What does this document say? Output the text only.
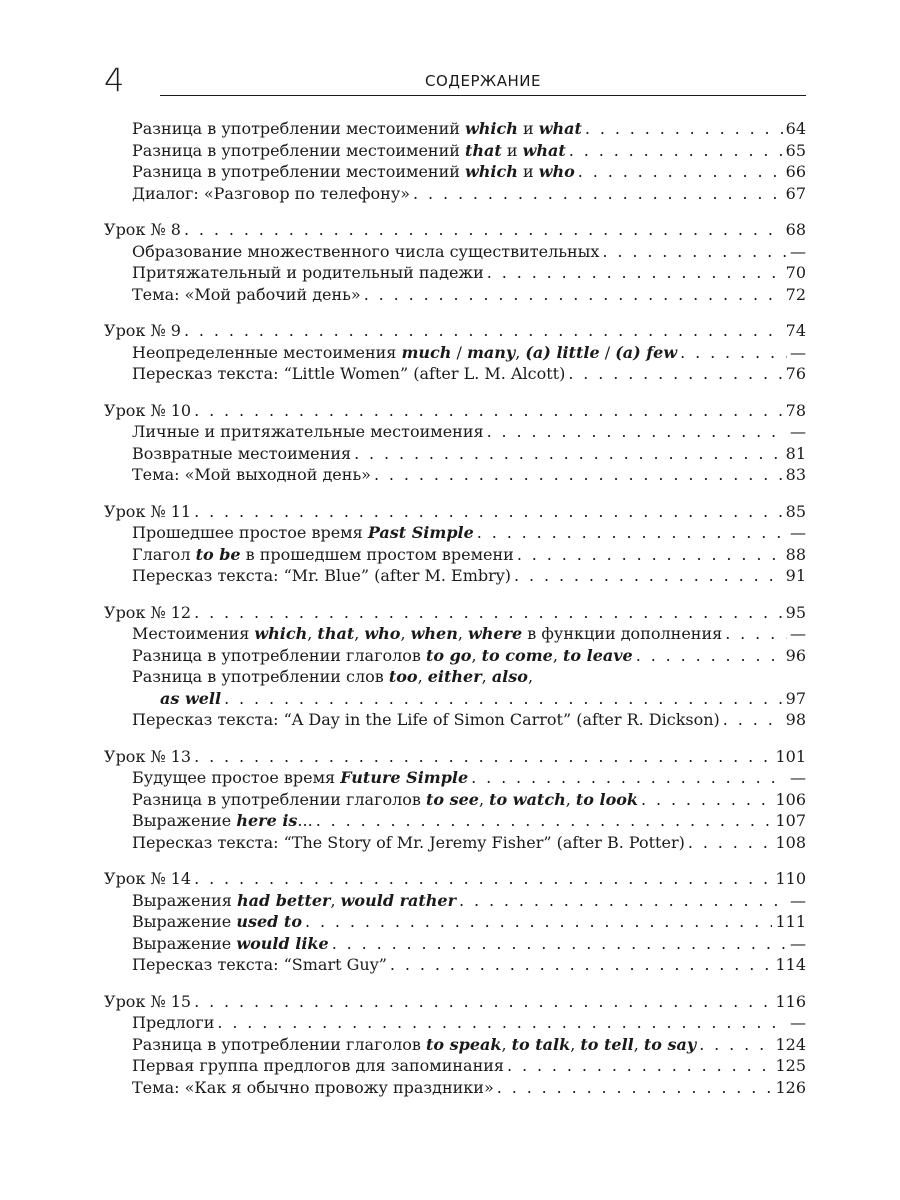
4	СОДЕРЖАНИЕ
Разница в употреблении местоимений which и what . . .	64
Разница в употреблении местоимений that и what . . .	65
Разница в употреблении местоимений which и who . . .	66
Диалог: «Разговор по телефону» . . .	67
Урок № 8 . . .	68
Образование множественного числа существительных . . .	—
Притяжательный и родительный падежи . . .	70
Тема: «Мой рабочий день» . . .	72
Урок № 9 . . .	74
Неопределенные местоимения much / many, (a) little / (a) few . . .	—
Пересказ текста: “Little Women” (after L. M. Alcott) . . .	76
Урок № 10 . . .	78
Личные и притяжательные местоимения . . .	—
Возвратные местоимения . . .	81
Тема: «Мой выходной день» . . .	83
Урок № 11 . . .	85
Прошедшее простое время Past Simple . . .	—
Глагол to be в прошедшем простом времени . . .	88
Пересказ текста: “Mr. Blue” (after M. Embry) . . .	91
Урок № 12 . . .	95
Местоимения which, that, who, when, where в функции дополнения . . .	—
Разница в употреблении глаголов to go, to come, to leave . . .	96
Разница в употреблении слов too, either, also,
as well . . .	97
Пересказ текста: “A Day in the Life of Simon Carrot” (after R. Dickson) . . .	98
Урок № 13 . . .	101
Будущее простое время Future Simple . . .	—
Разница в употреблении глаголов to see, to watch, to look . . .	106
Выражение here is... . . .	107
Пересказ текста: “The Story of Mr. Jeremy Fisher” (after B. Potter) . . .	108
Урок № 14 . . .	110
Выражения had better, would rather . . .	—
Выражение used to . . .	111
Выражение would like . . .	—
Пересказ текста: “Smart Guy” . . .	114
Урок № 15 . . .	116
Предлоги . . .	—
Разница в употреблении глаголов to speak, to talk, to tell, to say . . .	124
Первая группа предлогов для запоминания . . .	125
Тема: «Как я обычно провожу праздники» . . .	126
